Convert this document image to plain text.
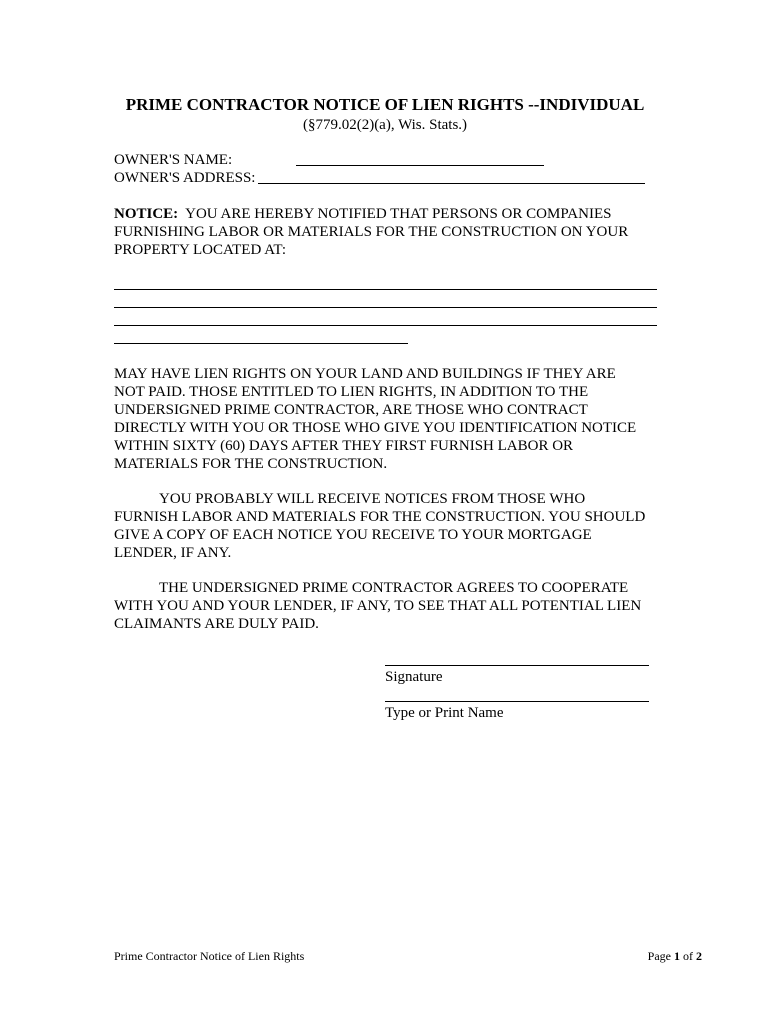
PRIME CONTRACTOR NOTICE OF LIEN RIGHTS --INDIVIDUAL
(§779.02(2)(a), Wis. Stats.)
OWNER'S NAME:
OWNER'S ADDRESS:
NOTICE: YOU ARE HEREBY NOTIFIED THAT PERSONS OR COMPANIES
FURNISHING LABOR OR MATERIALS FOR THE CONSTRUCTION ON YOUR
PROPERTY LOCATED AT:
MAY HAVE LIEN RIGHTS ON YOUR LAND AND BUILDINGS IF THEY ARE
NOT PAID. THOSE ENTITLED TO LIEN RIGHTS, IN ADDITION TO THE
UNDERSIGNED PRIME CONTRACTOR, ARE THOSE WHO CONTRACT
DIRECTLY WITH YOU OR THOSE WHO GIVE YOU IDENTIFICATION NOTICE
WITHIN SIXTY (60) DAYS AFTER THEY FIRST FURNISH LABOR OR
MATERIALS FOR THE CONSTRUCTION.
YOU PROBABLY WILL RECEIVE NOTICES FROM THOSE WHO
FURNISH LABOR AND MATERIALS FOR THE CONSTRUCTION. YOU SHOULD
GIVE A COPY OF EACH NOTICE YOU RECEIVE TO YOUR MORTGAGE
LENDER, IF ANY.
THE UNDERSIGNED PRIME CONTRACTOR AGREES TO COOPERATE
WITH YOU AND YOUR LENDER, IF ANY, TO SEE THAT ALL POTENTIAL LIEN
CLAIMANTS ARE DULY PAID.
Signature
Type or Print Name
Prime Contractor Notice of Lien Rights	Page 1 of 2
